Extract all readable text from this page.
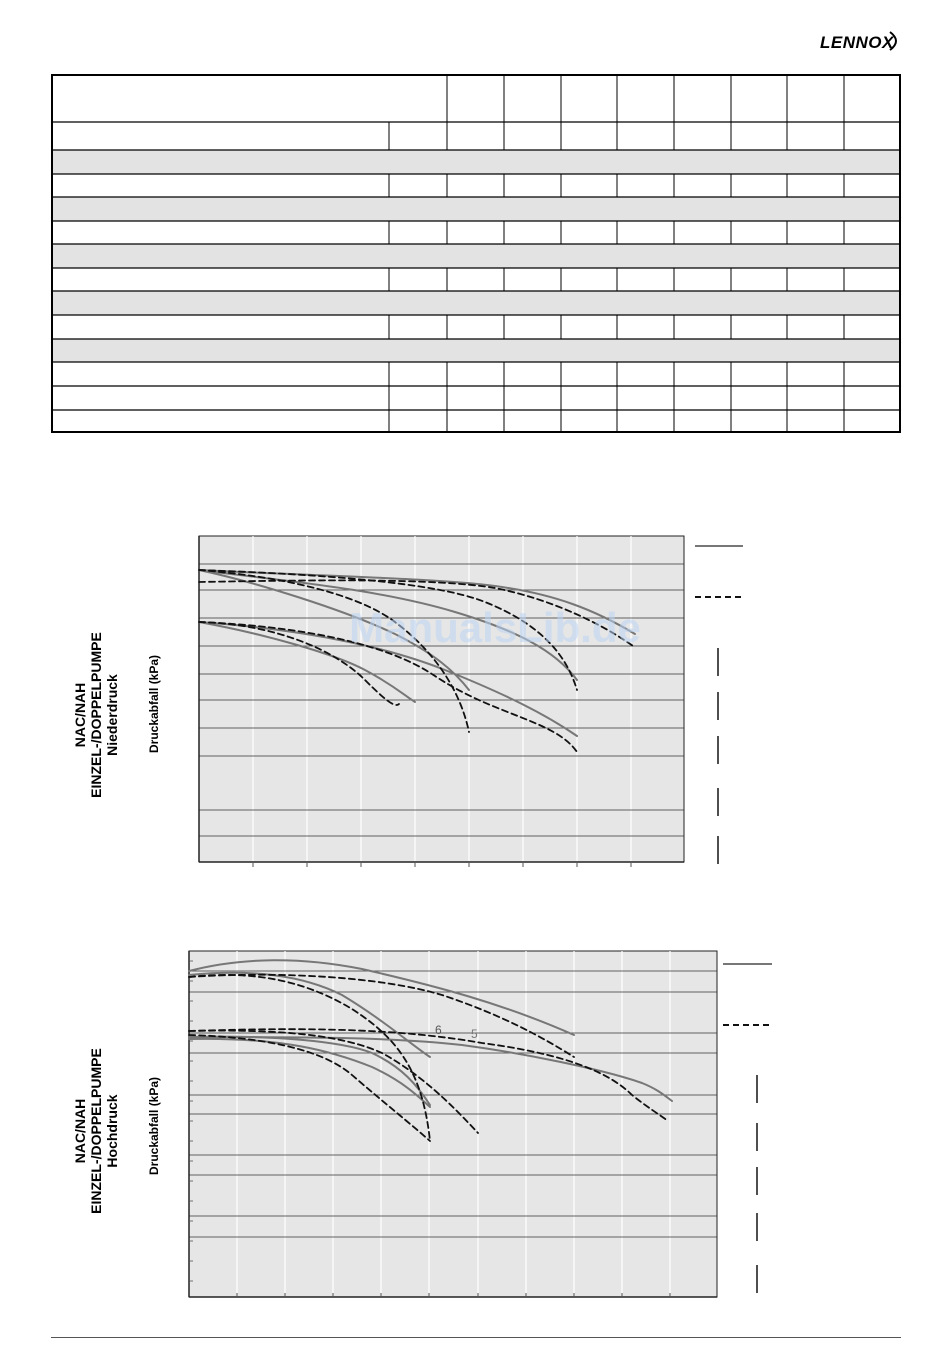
LENNOX
NAC/NAH EINZEL-/DOPPELPUMPE Niederdruck Druckabfall (kPa)
ManualsLib.de
NAC/NAH EINZEL-/DOPPELPUMPE Hochdruck Druckabfall (kPa)
6 5
